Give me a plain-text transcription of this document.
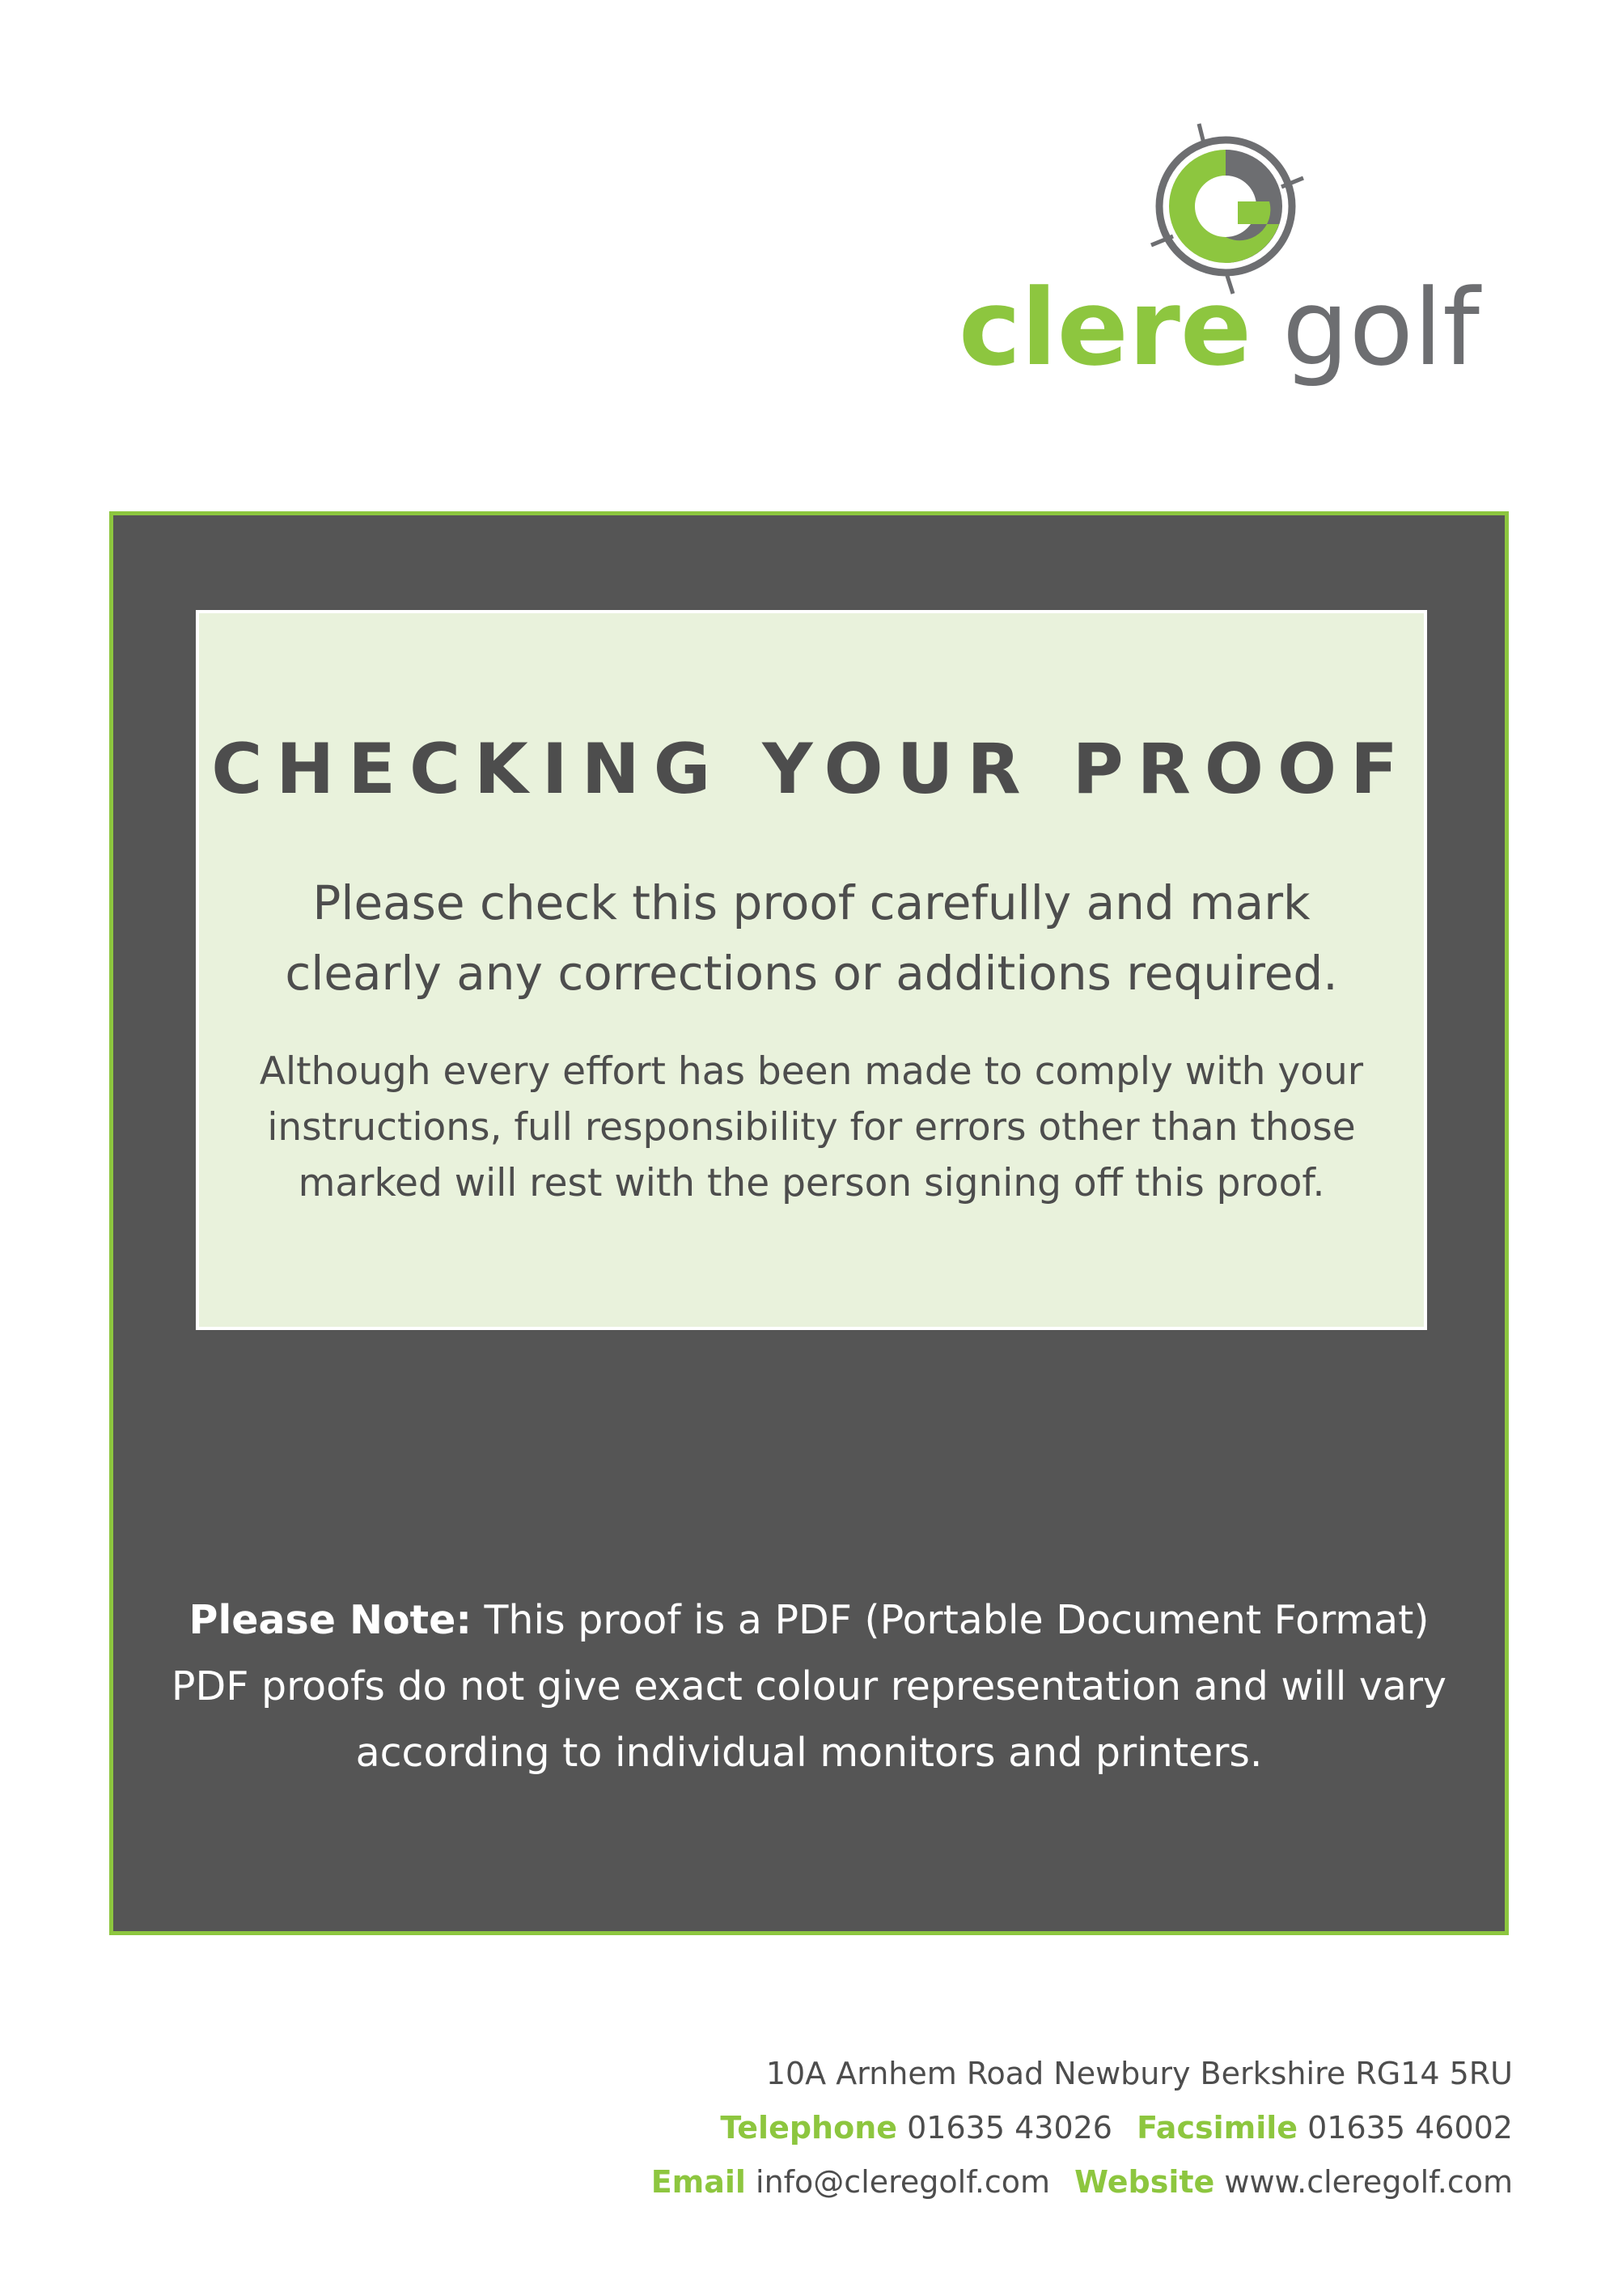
clere golf
CHECKING YOUR PROOF
Please check this proof carefully and mark
clearly any corrections or additions required.
Although every effort has been made to comply with your
instructions, full responsibility for errors other than those
marked will rest with the person signing off this proof.
Please Note: This proof is a PDF (Portable Document Format)
PDF proofs do not give exact colour representation and will vary
according to individual monitors and printers.
10A Arnhem Road Newbury Berkshire RG14 5RU
Telephone 01635 43026 Facsimile 01635 46002
Email info@cleregolf.com Website www.cleregolf.com
